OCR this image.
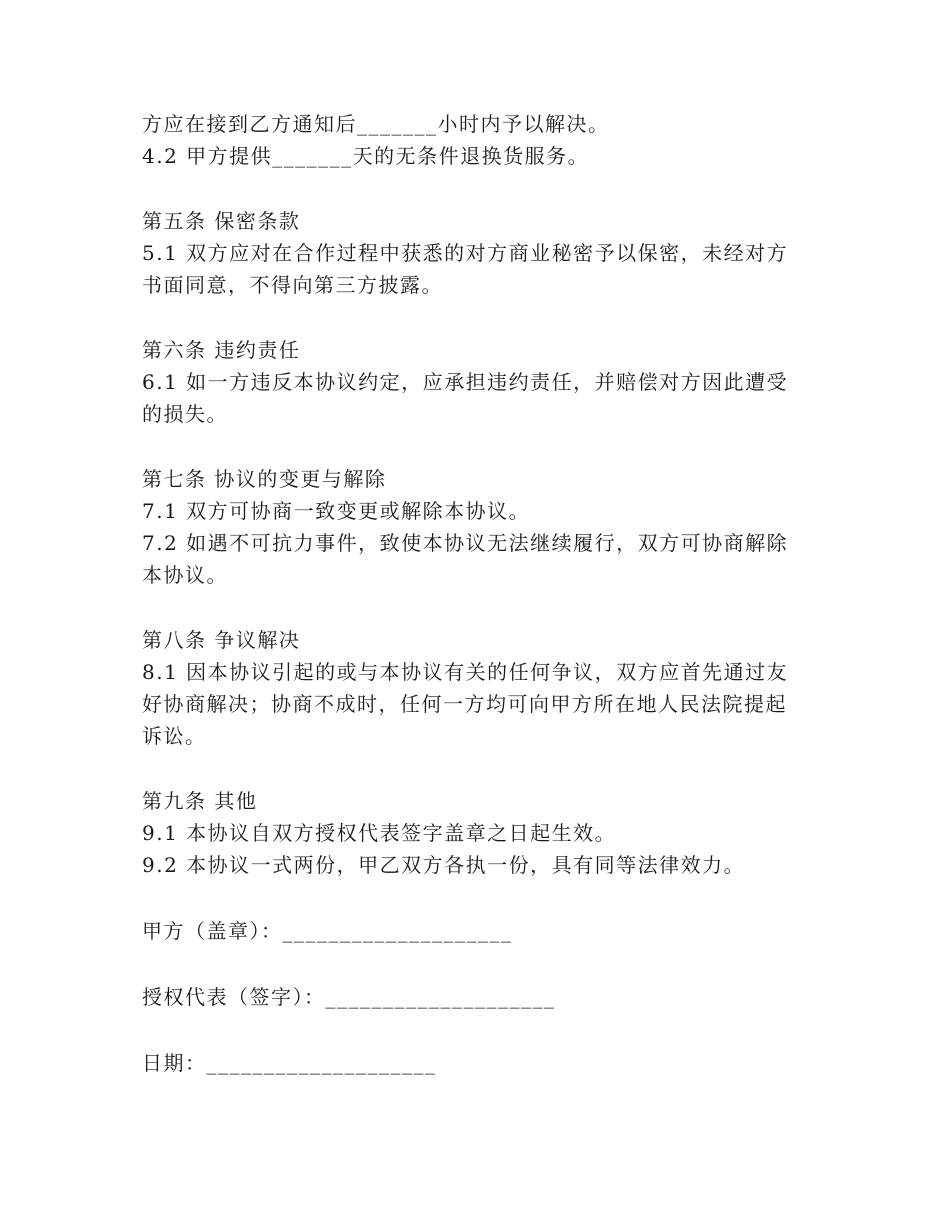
方应在接到乙方通知后_______小时内予以解决。
4.2 甲方提供_______天的无条件退换货服务。
第五条 保密条款
5.1 双方应对在合作过程中获悉的对方商业秘密予以保密，未经对方
书面同意，不得向第三方披露。
第六条 违约责任
6.1 如一方违反本协议约定，应承担违约责任，并赔偿对方因此遭受
的损失。
第七条 协议的变更与解除
7.1 双方可协商一致变更或解除本协议。
7.2 如遇不可抗力事件，致使本协议无法继续履行，双方可协商解除
本协议。
第八条 争议解决
8.1 因本协议引起的或与本协议有关的任何争议，双方应首先通过友
好协商解决；协商不成时，任何一方均可向甲方所在地人民法院提起
诉讼。
第九条 其他
9.1 本协议自双方授权代表签字盖章之日起生效。
9.2 本协议一式两份，甲乙双方各执一份，具有同等法律效力。
甲方（盖章）：____________________
授权代表（签字）：____________________
日期：____________________
